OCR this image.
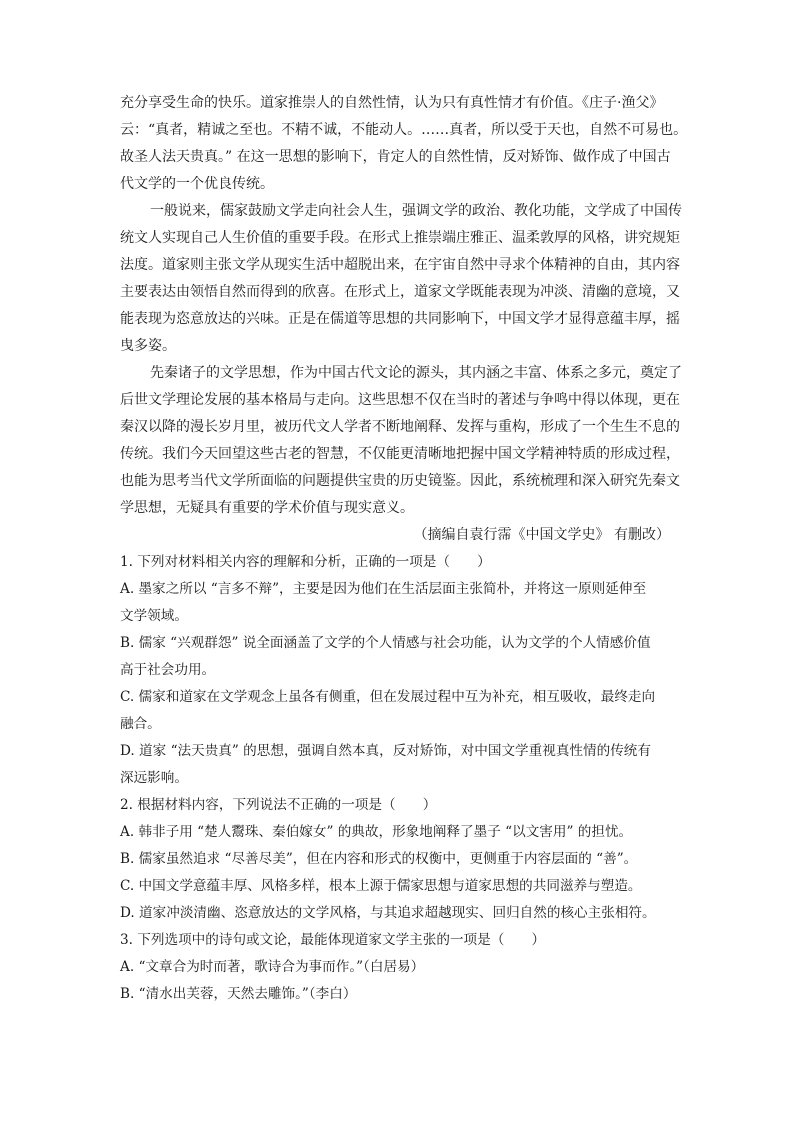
充分享受生命的快乐。道家推崇人的自然性情，认为只有真性情才有价值。《庄子·渔父》
云：“真者，精诚之至也。不精不诚，不能动人。……真者，所以受于天也，自然不可易也。
故圣人法天贵真。” 在这一思想的影响下，肯定人的自然性情，反对矫饰、做作成了中国古
代文学的一个优良传统。
一般说来，儒家鼓励文学走向社会人生，强调文学的政治、教化功能，文学成了中国传
统文人实现自己人生价值的重要手段。在形式上推崇端庄雅正、温柔敦厚的风格，讲究规矩
法度。道家则主张文学从现实生活中超脱出来，在宇宙自然中寻求个体精神的自由，其内容
主要表达由领悟自然而得到的欣喜。在形式上，道家文学既能表现为冲淡、清幽的意境，又
能表现为恣意放达的兴味。正是在儒道等思想的共同影响下，中国文学才显得意蕴丰厚，摇
曳多姿。
先秦诸子的文学思想，作为中国古代文论的源头，其内涵之丰富、体系之多元，奠定了
后世文学理论发展的基本格局与走向。这些思想不仅在当时的著述与争鸣中得以体现，更在
秦汉以降的漫长岁月里，被历代文人学者不断地阐释、发挥与重构，形成了一个生生不息的
传统。我们今天回望这些古老的智慧，不仅能更清晰地把握中国文学精神特质的形成过程，
也能为思考当代文学所面临的问题提供宝贵的历史镜鉴。因此，系统梳理和深入研究先秦文
学思想，无疑具有重要的学术价值与现实意义。
（摘编自袁行霈《中国文学史》 有删改）
1. 下列对材料相关内容的理解和分析，正确的一项是（　　）
A. 墨家之所以 “言多不辩”，主要是因为他们在生活层面主张简朴，并将这一原则延伸至
文学领域。
B. 儒家 “兴观群怨” 说全面涵盖了文学的个人情感与社会功能，认为文学的个人情感价值
高于社会功用。
C. 儒家和道家在文学观念上虽各有侧重，但在发展过程中互为补充，相互吸收，最终走向
融合。
D. 道家 “法天贵真” 的思想，强调自然本真，反对矫饰，对中国文学重视真性情的传统有
深远影响。
2. 根据材料内容，下列说法不正确的一项是（　　）
A. 韩非子用 “楚人鬻珠、秦伯嫁女” 的典故，形象地阐释了墨子 “以文害用” 的担忧。
B. 儒家虽然追求 “尽善尽美”，但在内容和形式的权衡中，更侧重于内容层面的 “善”。
C. 中国文学意蕴丰厚、风格多样，根本上源于儒家思想与道家思想的共同滋养与塑造。
D. 道家冲淡清幽、恣意放达的文学风格，与其追求超越现实、回归自然的核心主张相符。
3. 下列选项中的诗句或文论，最能体现道家文学主张的一项是（　　）
A. “文章合为时而著，歌诗合为事而作。”（白居易）
B. “清水出芙蓉，天然去雕饰。”（李白）
